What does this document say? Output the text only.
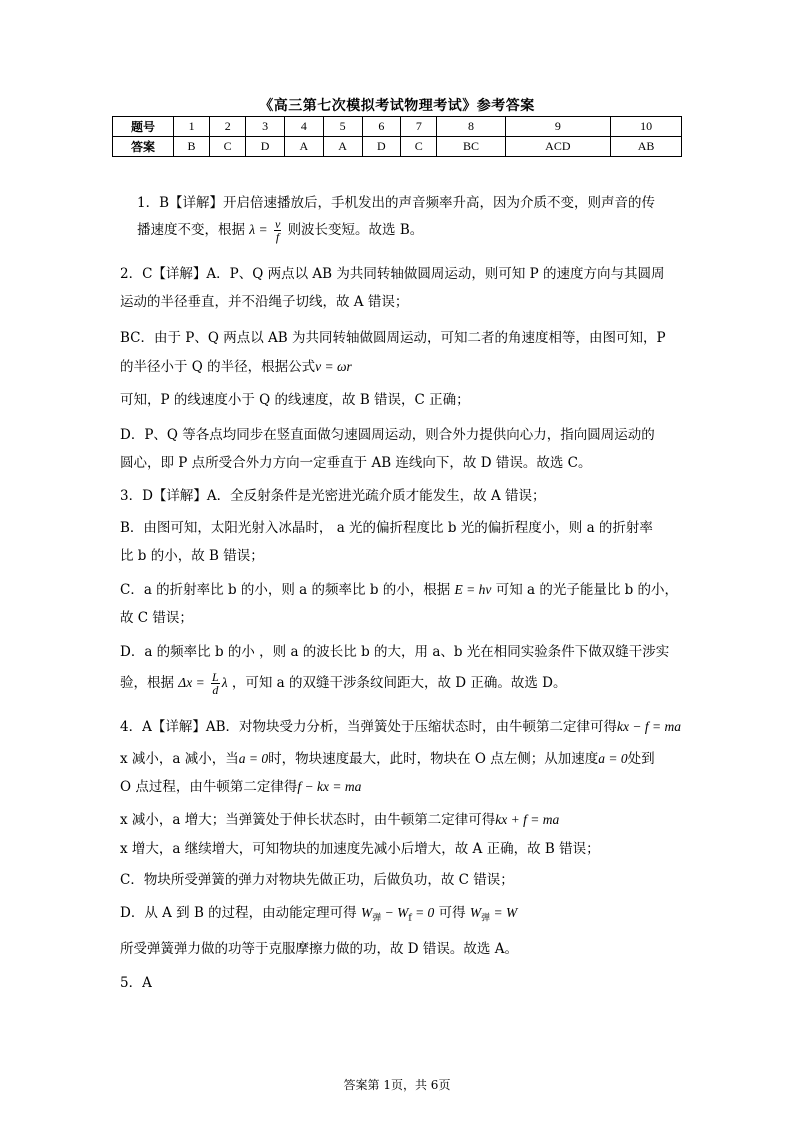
《高三第七次模拟考试物理考试》参考答案
题号	1	2	3	4	5	6	7	8	9	10
答案	B	C	D	A	A	D	C	BC	ACD	AB
1．B【详解】开启倍速播放后，手机发出的声音频率升高，因为介质不变，则声音的传
播速度不变，根据 $\lambda = \frac{v}{f}$ 则波长变短。故选 B。
2．C【详解】A．P、Q 两点以 AB 为共同转轴做圆周运动，则可知 P 的速度方向与其圆周
运动的半径垂直，并不沿绳子切线，故 A 错误；
BC．由于 P、Q 两点以 AB 为共同转轴做圆周运动，可知二者的角速度相等，由图可知，P
的半径小于 Q 的半径，根据公式v = ωr
可知，P 的线速度小于 Q 的线速度，故 B 错误，C 正确；
D．P、Q 等各点均同步在竖直面做匀速圆周运动，则合外力提供向心力，指向圆周运动的
圆心，即 P 点所受合外力方向一定垂直于 AB 连线向下，故 D 错误。故选 C。
3．D【详解】A．全反射条件是光密进光疏介质才能发生，故 A 错误；
B．由图可知，太阳光射入冰晶时， a 光的偏折程度比 b 光的偏折程度小，则 a 的折射率
比 b 的小，故 B 错误；
C．a 的折射率比 b 的小，则 a 的频率比 b 的小，根据 E = hν 可知 a 的光子能量比 b 的小，
故 C 错误；
D．a 的频率比 b 的小 ，则 a 的波长比 b 的大，用 a、b 光在相同实验条件下做双缝干涉实
验，根据 $\Delta x = \frac{L}{d}$ λ ，可知 a 的双缝干涉条纹间距大，故 D 正确。故选 D。
4．A【详解】AB．对物块受力分析，当弹簧处于压缩状态时，由牛顿第二定律可得kx − f = ma
x 减小，a 减小，当a = 0时，物块速度最大，此时，物块在 O 点左侧；从加速度a = 0处到
O 点过程，由牛顿第二定律得f − kx = ma
x 减小，a 增大；当弹簧处于伸长状态时，由牛顿第二定律可得kx + f = ma
x 增大，a 继续增大，可知物块的加速度先减小后增大，故 A 正确，故 B 错误；
C．物块所受弹簧的弹力对物块先做正功，后做负功，故 C 错误；
D．从 A 到 B 的过程，由动能定理可得 $W_弹 - W_f = 0$ 可得 $W_弹 = W$
所受弹簧弹力做的功等于克服摩擦力做的功，故 D 错误。故选 A。
5．A
答案第 1页，共 6页
